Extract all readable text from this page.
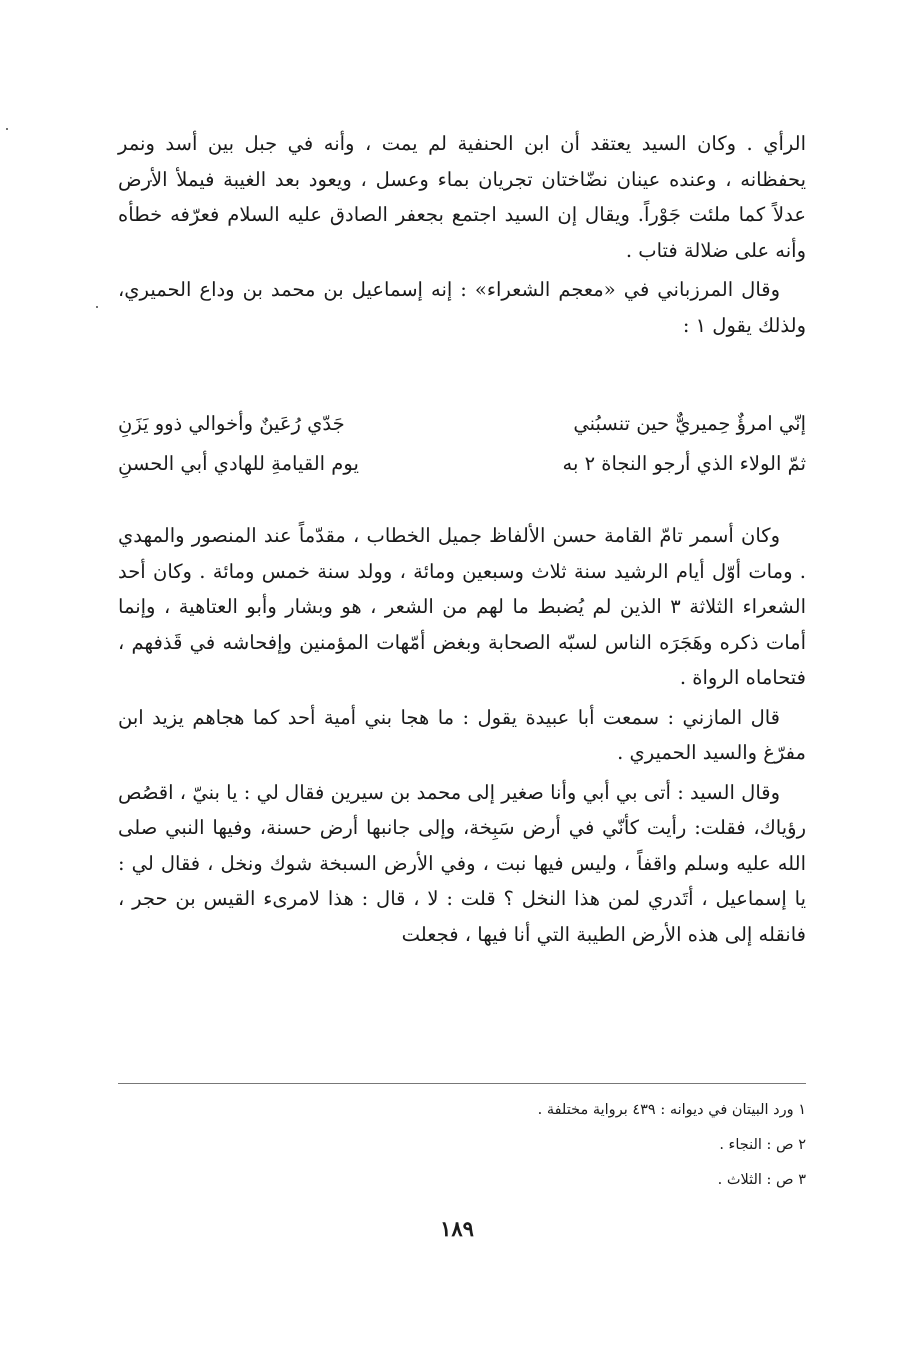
الرأي . وكان السيد يعتقد أن ابن الحنفية لم يمت ، وأنه في جبل بين أسد ونمر يحفظانه ، وعنده عينان نضّاختان تجريان بماء وعسل ، ويعود بعد الغيبة فيملأ الأرض عدلاً كما ملئت جَوْراً. ويقال إن السيد اجتمع بجعفر الصادق عليه السلام فعرّفه خطأه وأنه على ضلالة فتاب .

وقال المرزباني في «معجم الشعراء» : إنه إسماعيل بن محمد بن وداع الحميري، ولذلك يقول ١ :

إنّي امرؤٌ حِميريٌّ حين تنسبُني
جَدّي رُعَينٌ وأخوالي ذوو يَزَنِ
ثمّ الولاء الذي أرجو النجاة ٢ به
يوم القيامةِ للهادي أبي الحسنِ

وكان أسمر تامّ القامة حسن الألفاظ جميل الخطاب ، مقدّماً عند المنصور والمهدي . ومات أوّل أيام الرشيد سنة ثلاث وسبعين ومائة ، وولد سنة خمس ومائة . وكان أحد الشعراء الثلاثة ٣ الذين لم يُضبط ما لهم من الشعر ، هو وبشار وأبو العتاهية ، وإنما أمات ذكره وهَجَرَه الناس لسبّه الصحابة وبغض أمّهات المؤمنين وإفحاشه في قَذفهم ، فتحاماه الرواة .

قال المازني : سمعت أبا عبيدة يقول : ما هجا بني أمية أحد كما هجاهم يزيد ابن مفرّغ والسيد الحميري .

وقال السيد : أتى بي أبي وأنا صغير إلى محمد بن سيرين فقال لي : يا بنيّ ، اقصُص رؤياك، فقلت: رأيت كأنّي في أرض سَبِخة، وإلى جانبها أرض حسنة، وفيها النبي صلى الله عليه وسلم واقفاً ، وليس فيها نبت ، وفي الأرض السبخة شوك ونخل ، فقال لي : يا إسماعيل ، أتَدري لمن هذا النخل ؟ قلت : لا ، قال : هذا لامرىء القيس بن حجر ، فانقله إلى هذه الأرض الطيبة التي أنا فيها ، فجعلت

١ ورد البيتان في ديوانه : ٤٣٩ برواية مختلفة .
٢ ص : النجاء .
٣ ص : الثلاث .
١٨٩
